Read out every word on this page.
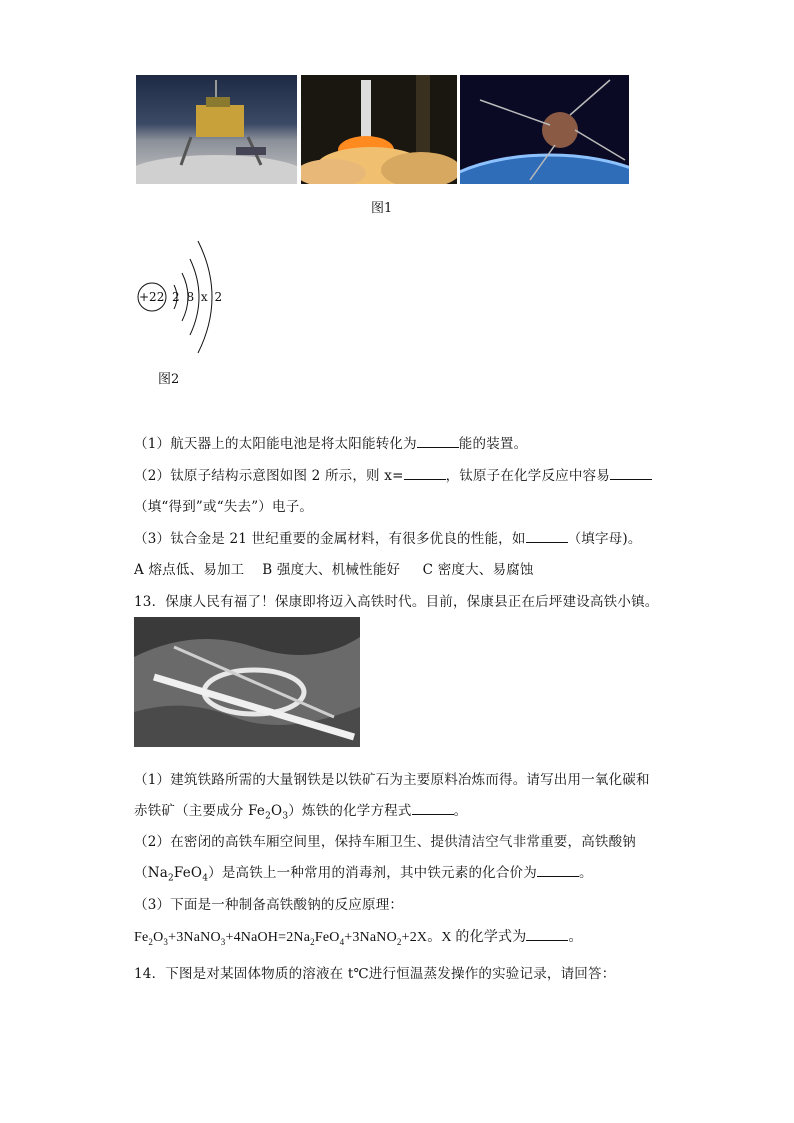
图1
+22 2 8 x 2
图2
（1）航天器上的太阳能电池是将太阳能转化为	能的装置。
（2）钛原子结构示意图如图 2 所示，则 x=	，钛原子在化学反应中容易
（填“得到”或“失去”）电子。
（3）钛合金是 21 世纪重要的金属材料，有很多优良的性能，如	（填字母)。
A 熔点低、易加工    B 强度大、机械性能好     C 密度大、易腐蚀
13．保康人民有福了！保康即将迈入高铁时代。目前，保康县正在后坪建设高铁小镇。
（1）建筑铁路所需的大量钢铁是以铁矿石为主要原料冶炼而得。请写出用一氧化碳和
赤铁矿（主要成分 $Fe_2O_3$）炼铁的化学方程式	。
（2）在密闭的高铁车厢空间里，保持车厢卫生、提供清洁空气非常重要，高铁酸钠
$(Na_2FeO_4)$是高铁上一种常用的消毒剂，其中铁元素的化合价为	。
（3）下面是一种制备高铁酸钠的反应原理：
$Fe_2O_3+3NaNO_3+4NaOH=2Na_2FeO_4+3NaNO_2+2X$。X 的化学式为	。
14．下图是对某固体物质的溶液在 t℃进行恒温蒸发操作的实验记录，请回答：
